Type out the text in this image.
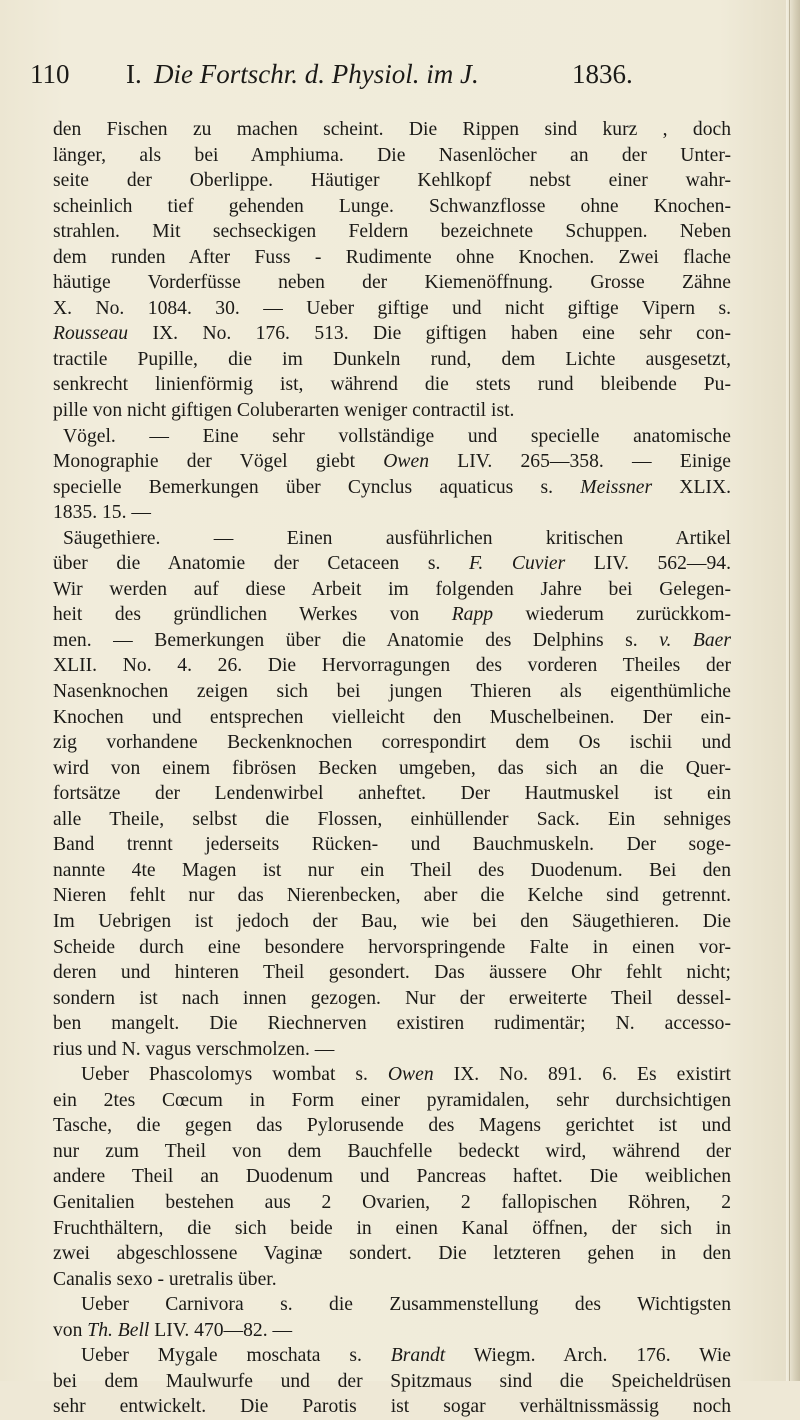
110 I. Die Fortschr. d. Physiol. im J.	1836.
den Fischen zu machen scheint. Die Rippen sind kurz , doch
länger, als bei Amphiuma. Die Nasenlöcher an der Unter-
seite der Oberlippe. Häutiger Kehlkopf nebst einer wahr-
scheinlich tief gehenden Lunge. Schwanzflosse ohne Knochen-
strahlen. Mit sechseckigen Feldern bezeichnete Schuppen. Neben
dem runden After Fuss - Rudimente ohne Knochen. Zwei flache
häutige Vorderfüsse neben der Kiemenöffnung. Grosse Zähne
X. No. 1084. 30. — Ueber giftige und nicht giftige Vipern s.
Rousseau IX. No. 176. 513. Die giftigen haben eine sehr con-
tractile Pupille, die im Dunkeln rund, dem Lichte ausgesetzt,
senkrecht linienförmig ist, während die stets rund bleibende Pu-
pille von nicht giftigen Coluberarten weniger contractil ist.
Vögel. — Eine sehr vollständige und specielle anatomische
Monographie der Vögel giebt Owen LIV. 265—358. — Einige
specielle Bemerkungen über Cynclus aquaticus s. Meissner XLIX.
1835. 15. —
Säugethiere. — Einen ausführlichen kritischen Artikel
über die Anatomie der Cetaceen s. F. Cuvier LIV. 562—94.
Wir werden auf diese Arbeit im folgenden Jahre bei Gelegen-
heit des gründlichen Werkes von Rapp wiederum zurückkom-
men. — Bemerkungen über die Anatomie des Delphins s. v. Baer
XLII. No. 4. 26. Die Hervorragungen des vorderen Theiles der
Nasenknochen zeigen sich bei jungen Thieren als eigenthümliche
Knochen und entsprechen vielleicht den Muschelbeinen. Der ein-
zig vorhandene Beckenknochen correspondirt dem Os ischii und
wird von einem fibrösen Becken umgeben, das sich an die Quer-
fortsätze der Lendenwirbel anheftet. Der Hautmuskel ist ein
alle Theile, selbst die Flossen, einhüllender Sack. Ein sehniges
Band trennt jederseits Rücken- und Bauchmuskeln. Der soge-
nannte 4te Magen ist nur ein Theil des Duodenum. Bei den
Nieren fehlt nur das Nierenbecken, aber die Kelche sind getrennt.
Im Uebrigen ist jedoch der Bau, wie bei den Säugethieren. Die
Scheide durch eine besondere hervorspringende Falte in einen vor-
deren und hinteren Theil gesondert. Das äussere Ohr fehlt nicht;
sondern ist nach innen gezogen. Nur der erweiterte Theil dessel-
ben mangelt. Die Riechnerven existiren rudimentär; N. accesso-
rius und N. vagus verschmolzen. —
Ueber Phascolomys wombat s. Owen IX. No. 891. 6. Es existirt
ein 2tes Cœcum in Form einer pyramidalen, sehr durchsichtigen
Tasche, die gegen das Pylorusende des Magens gerichtet ist und
nur zum Theil von dem Bauchfelle bedeckt wird, während der
andere Theil an Duodenum und Pancreas haftet. Die weiblichen
Genitalien bestehen aus 2 Ovarien, 2 fallopischen Röhren, 2
Fruchthältern, die sich beide in einen Kanal öffnen, der sich in
zwei abgeschlossene Vaginæ sondert. Die letzteren gehen in den
Canalis sexo - uretralis über.
Ueber Carnivora s. die Zusammenstellung des Wichtigsten
von Th. Bell LIV. 470—82. —
Ueber Mygale moschata s. Brandt Wiegm. Arch. 176. Wie
bei dem Maulwurfe und der Spitzmaus sind die Speicheldrüsen
sehr entwickelt. Die Parotis ist sogar verhältnissmässig noch
